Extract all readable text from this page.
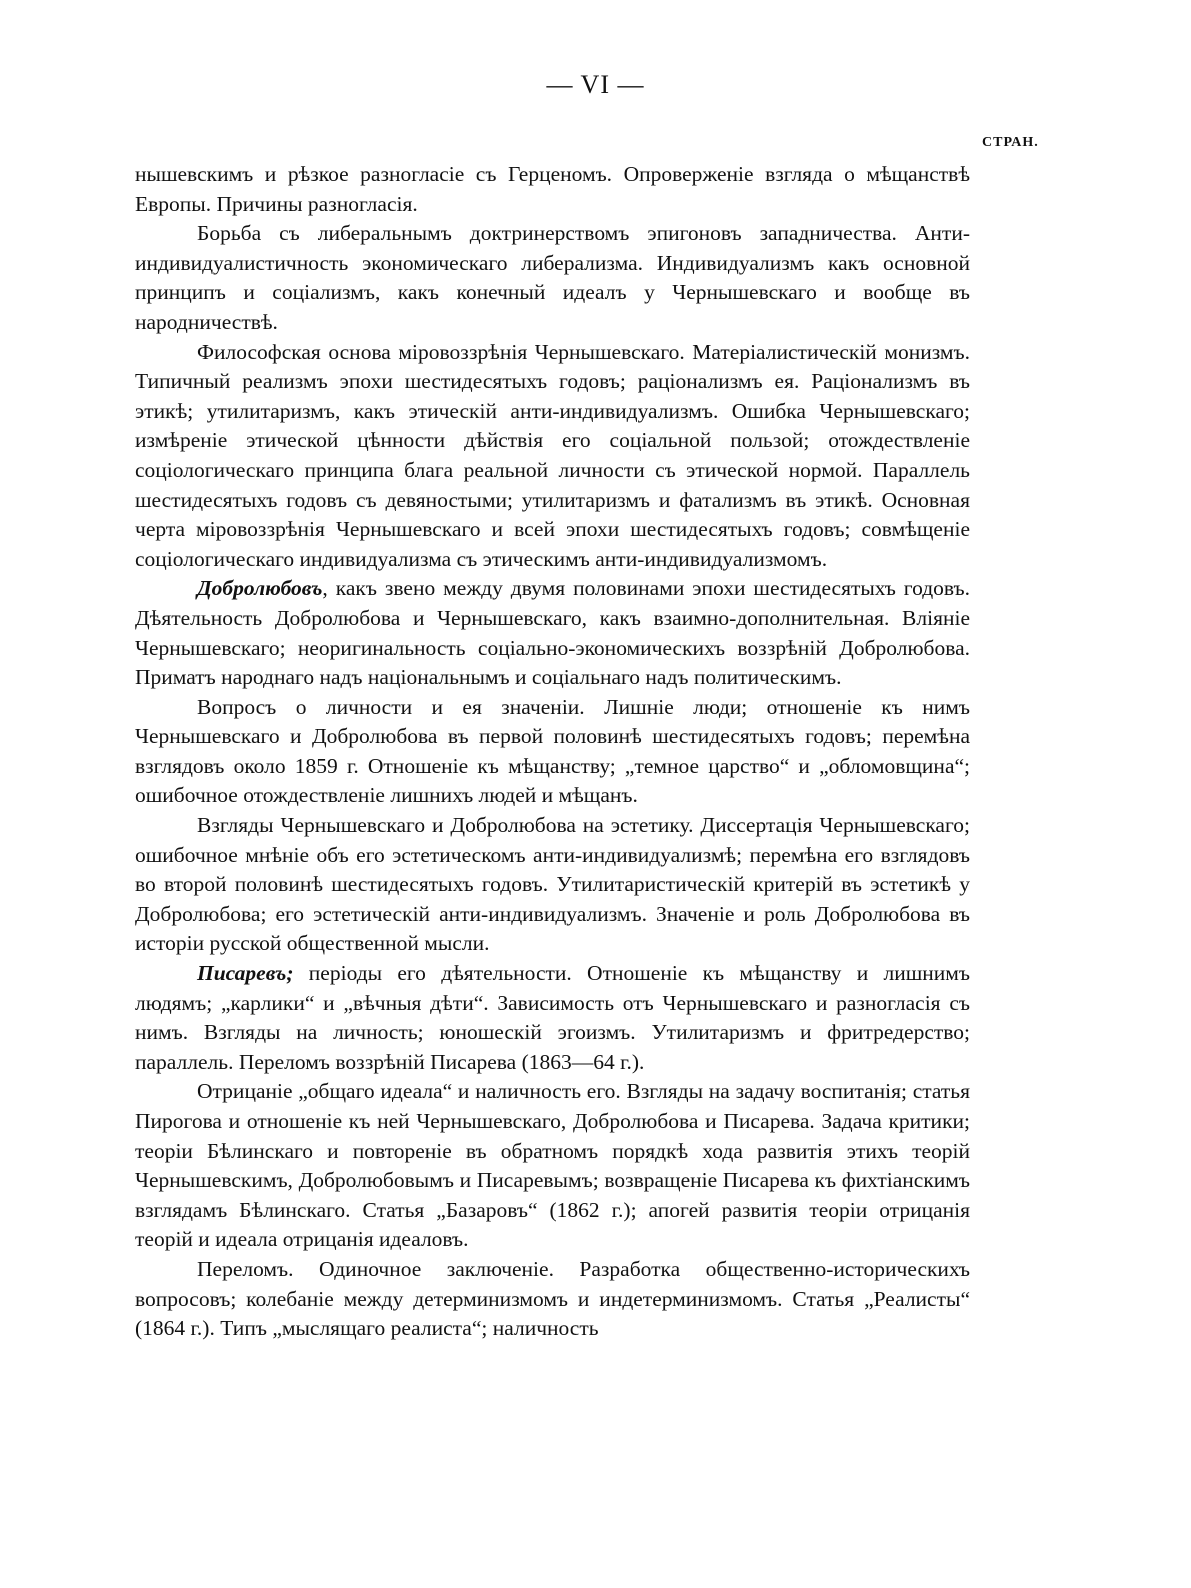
— VI —
СТРАН.

нышевскимъ и рѣзкое разногласіе съ Герценомъ. Опроверженіе взгляда о мѣщанствѣ Европы. Причины разногласія.

Борьба съ либеральнымъ доктринерствомъ эпигоновъ западничества. Анти-индивидуалистичность экономическаго либерализма. Индивидуализмъ какъ основной принципъ и соціализмъ, какъ конечный идеалъ у Чернышевскаго и вообще въ народничествѣ.

Философская основа міровоззрѣнія Чернышевскаго. Матеріалистическій монизмъ. Типичный реализмъ эпохи шестидесятыхъ годовъ; раціонализмъ ея. Раціонализмъ въ этикѣ; утилитаризмъ, какъ этическій анти-индивидуализмъ. Ошибка Чернышевскаго; измѣреніе этической цѣнности дѣйствія его соціальной пользой; отождествленіе соціологическаго принципа блага реальной личности съ этической нормой. Параллель шестидесятыхъ годовъ съ девяностыми; утилитаризмъ и фатализмъ въ этикѣ. Основная черта міровоззрѣнія Чернышевскаго и всей эпохи шестидесятыхъ годовъ; совмѣщеніе соціологическаго индивидуализма съ этическимъ анти-индивидуализмомъ.

Добролюбовъ, какъ звено между двумя половинами эпохи шестидесятыхъ годовъ. Дѣятельность Добролюбова и Чернышевскаго, какъ взаимно-дополнительная. Вліяніе Чернышевскаго; неоригинальность соціально-экономическихъ воззрѣній Добролюбова. Приматъ народнаго надъ національнымъ и соціальнаго надъ политическимъ.

Вопросъ о личности и ея значеніи. Лишніе люди; отношеніе къ нимъ Чернышевскаго и Добролюбова въ первой половинѣ шестидесятыхъ годовъ; перемѣна взглядовъ около 1859 г. Отношеніе къ мѣщанству; „темное царство“ и „обломовщина“; ошибочное отождествленіе лишнихъ людей и мѣщанъ.

Взгляды Чернышевскаго и Добролюбова на эстетику. Диссертація Чернышевскаго; ошибочное мнѣніе объ его эстетическомъ анти-индивидуализмѣ; перемѣна его взглядовъ во второй половинѣ шестидесятыхъ годовъ. Утилитаристическій критерій въ эстетикѣ у Добролюбова; его эстетическій анти-индивидуализмъ. Значеніе и роль Добролюбова въ исторіи русской общественной мысли.

Писаревъ; періоды его дѣятельности. Отношеніе къ мѣщанству и лишнимъ людямъ; „карлики“ и „вѣчныя дѣти“. Зависимость отъ Чернышевскаго и разногласія съ нимъ. Взгляды на личность; юношескій эгоизмъ. Утилитаризмъ и фритредерство; параллель. Переломъ воззрѣній Писарева (1863—64 г.).

Отрицаніе „общаго идеала“ и наличность его. Взгляды на задачу воспитанія; статья Пирогова и отношеніе къ ней Чернышевскаго, Добролюбова и Писарева. Задача критики; теоріи Бѣлинскаго и повтореніе въ обратномъ порядкѣ хода развитія этихъ теорій Чернышевскимъ, Добролюбовымъ и Писаревымъ; возвращеніе Писарева къ фихтіанскимъ взглядамъ Бѣлинскаго. Статья „Базаровъ“ (1862 г.); апогей развитія теоріи отрицанія теорій и идеала отрицанія идеаловъ.

Переломъ. Одиночное заключеніе. Разработка общественно-историческихъ вопросовъ; колебаніе между детерминизмомъ и индетерминизмомъ. Статья „Реалисты“ (1864 г.). Типъ „мыслящаго реалиста“; наличность
